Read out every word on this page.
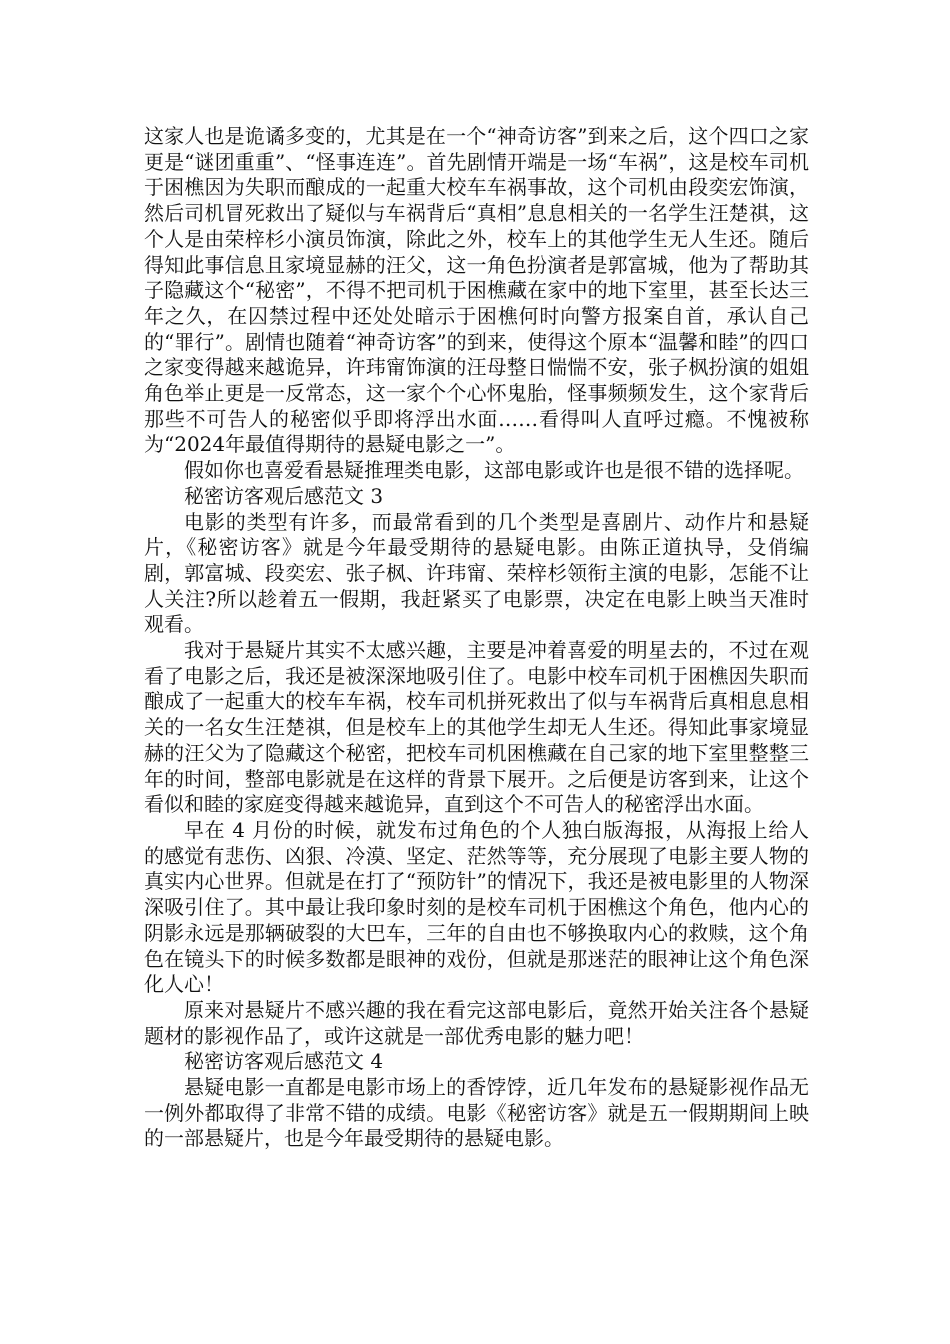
这家人也是诡谲多变的，尤其是在一个“神奇访客”到来之后，这个四口之家更是“谜团重重”、“怪事连连”。首先剧情开端是一场“车祸”，这是校车司机于困樵因为失职而酿成的一起重大校车车祸事故，这个司机由段奕宏饰演，然后司机冒死救出了疑似与车祸背后“真相”息息相关的一名学生汪楚祺，这个人是由荣梓杉小演员饰演，除此之外，校车上的其他学生无人生还。随后得知此事信息且家境显赫的汪父，这一角色扮演者是郭富城，他为了帮助其子隐藏这个“秘密”，不得不把司机于困樵藏在家中的地下室里，甚至长达三年之久，在囚禁过程中还处处暗示于困樵何时向警方报案自首，承认自己的“罪行”。剧情也随着“神奇访客”的到来，使得这个原本“温馨和睦”的四口之家变得越来越诡异，许玮甯饰演的汪母整日惴惴不安，张子枫扮演的姐姐角色举止更是一反常态，这一家个个心怀鬼胎，怪事频频发生，这个家背后那些不可告人的秘密似乎即将浮出水面……看得叫人直呼过瘾。不愧被称为“2024年最值得期待的悬疑电影之一”。

假如你也喜爱看悬疑推理类电影，这部电影或许也是很不错的选择呢。

秘密访客观后感范文 3

电影的类型有许多，而最常看到的几个类型是喜剧片、动作片和悬疑片，《秘密访客》就是今年最受期待的悬疑电影。由陈正道执导，殳俏编剧，郭富城、段奕宏、张子枫、许玮甯、荣梓杉领衔主演的电影，怎能不让人关注?所以趁着五一假期，我赶紧买了电影票，决定在电影上映当天准时观看。

我对于悬疑片其实不太感兴趣，主要是冲着喜爱的明星去的，不过在观看了电影之后，我还是被深深地吸引住了。电影中校车司机于困樵因失职而酿成了一起重大的校车车祸，校车司机拼死救出了似与车祸背后真相息息相关的一名女生汪楚祺，但是校车上的其他学生却无人生还。得知此事家境显赫的汪父为了隐藏这个秘密，把校车司机困樵藏在自己家的地下室里整整三年的时间，整部电影就是在这样的背景下展开。之后便是访客到来，让这个看似和睦的家庭变得越来越诡异，直到这个不可告人的秘密浮出水面。

早在 4 月份的时候，就发布过角色的个人独白版海报，从海报上给人的感觉有悲伤、凶狠、冷漠、坚定、茫然等等，充分展现了电影主要人物的真实内心世界。但就是在打了“预防针”的情况下，我还是被电影里的人物深深吸引住了。其中最让我印象时刻的是校车司机于困樵这个角色，他内心的阴影永远是那辆破裂的大巴车，三年的自由也不够换取内心的救赎，这个角色在镜头下的时候多数都是眼神的戏份，但就是那迷茫的眼神让这个角色深化人心！

原来对悬疑片不感兴趣的我在看完这部电影后，竟然开始关注各个悬疑题材的影视作品了，或许这就是一部优秀电影的魅力吧！

秘密访客观后感范文 4

悬疑电影一直都是电影市场上的香饽饽，近几年发布的悬疑影视作品无一例外都取得了非常不错的成绩。电影《秘密访客》就是五一假期期间上映的一部悬疑片，也是今年最受期待的悬疑电影。
